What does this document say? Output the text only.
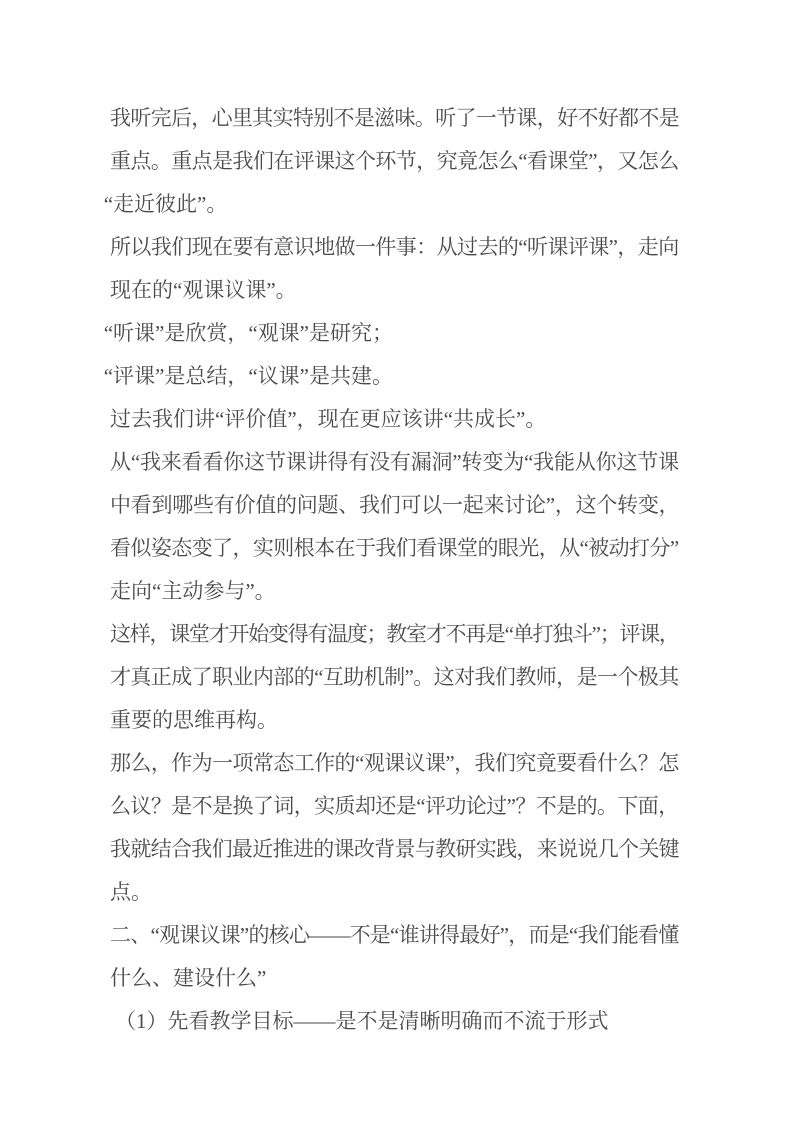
我听完后，心里其实特别不是滋味。听了一节课，好不好都不是
重点。重点是我们在评课这个环节，究竟怎么“看课堂”，又怎么
“走近彼此”。
所以我们现在要有意识地做一件事：从过去的“听课评课”，走向
现在的“观课议课”。
“听课”是欣赏，“观课”是研究；
“评课”是总结，“议课”是共建。
过去我们讲“评价值”，现在更应该讲“共成长”。
从“我来看看你这节课讲得有没有漏洞”转变为“我能从你这节课
中看到哪些有价值的问题、我们可以一起来讨论”，这个转变，
看似姿态变了，实则根本在于我们看课堂的眼光，从“被动打分”
走向“主动参与”。
这样，课堂才开始变得有温度；教室才不再是“单打独斗”；评课，
才真正成了职业内部的“互助机制”。这对我们教师，是一个极其
重要的思维再构。
那么，作为一项常态工作的“观课议课”，我们究竟要看什么？怎
么议？是不是换了词，实质却还是“评功论过”？不是的。下面，
我就结合我们最近推进的课改背景与教研实践，来说说几个关键
点。
二、“观课议课”的核心——不是“谁讲得最好”，而是“我们能看懂
什么、建设什么”
（1）先看教学目标——是不是清晰明确而不流于形式
